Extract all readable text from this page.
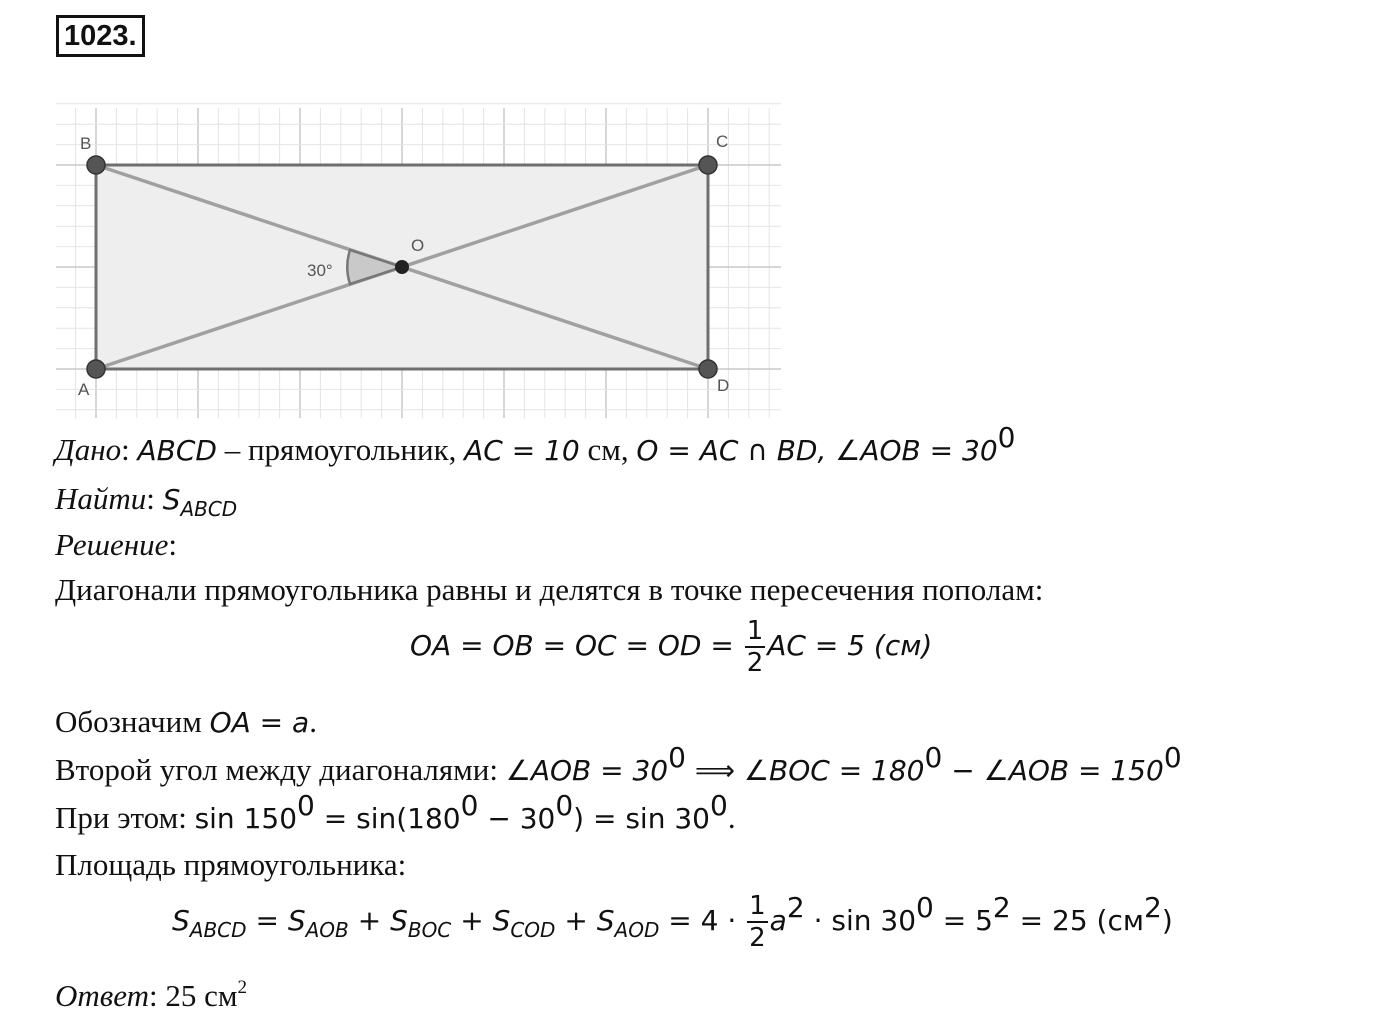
1023.
B	C
A	D
O
30°
Дано: ABCD – прямоугольник, AC = 10 см, O = AC ∩ BD, ∠AOB = $30^0$
Найти: $S_{ABCD}$
Решение:
Диагонали прямоугольника равны и делятся в точке пересечения пополам:
OA = OB = OC = OD = $\frac{1}{2}$ AC = 5 (см)
Обозначим OA = a.
Второй угол между диагоналями: ∠AOB = $30^0$ ⟹ ∠BOC = $180^0$ − ∠AOB = $150^0$
При этом: $\sin 150^0 = \sin(180^0 - 30^0) = \sin 30^0$.
Площадь прямоугольника:
$S_{ABCD} = S_{AOB} + S_{BOC} + S_{COD} + S_{AOD} = 4 \cdot \frac{1}{2} a^2 \cdot \sin 30^0 = 5^2 = 25$ $(см^2)$
Ответ: 25 $см^2$
